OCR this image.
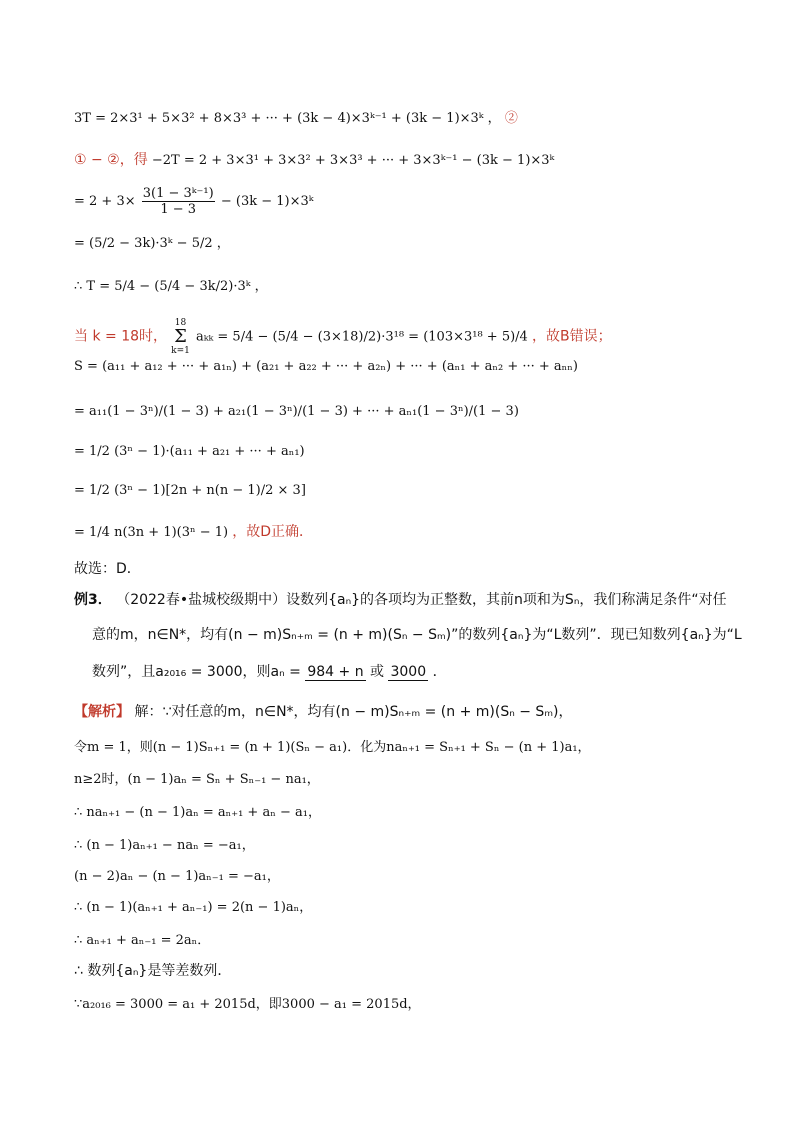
3T = 2×3¹ + 5×3² + 8×3³ + ··· + (3k − 4)×3ᵏ⁻¹ + (3k − 1)×3ᵏ ， ②
① − ②，得 −2T = 2 + 3×3¹ + 3×3² + 3×3³ + ··· + 3×3ᵏ⁻¹ − (3k − 1)×3ᵏ
= $2 + 3\times \frac{\text{3(1 − 3ᵏ⁻¹)}}{1 - 3} - (3k$ − 1)×3ᵏ
= (5/2 − 3k)·3ᵏ − 5/2 ，
∴ T = 5/4 − (5/4 − 3k/2)·3ᵏ ，
当 k = 18时，
18
Σ
k=1
aₖₖ = 5/4 − (5/4 − (3×18)/2)·3¹⁸ = (103×3¹⁸ + 5)/4 ，故B错误；
S = (a₁₁ + a₁₂ + ··· + a₁ₙ) + (a₂₁ + a₂₂ + ··· + a₂ₙ) + ··· + (aₙ₁ + aₙ₂ + ··· + aₙₙ)
= a₁₁(1 − 3ⁿ)/(1 − 3) + a₂₁(1 − 3ⁿ)/(1 − 3) + ··· + aₙ₁(1 − 3ⁿ)/(1 − 3)
= 1/2 (3ⁿ − 1)·(a₁₁ + a₂₁ + ··· + aₙ₁)
= 1/2 (3ⁿ − 1)[2n + n(n − 1)/2 × 3]
= 1/4 n(3n + 1)(3ⁿ − 1) ，故D正确．
故选：D．
例3． （2022春•盐城校级期中）设数列{aₙ}的各项均为正整数，其前n项和为Sₙ，我们称满足条件“对任
意的m，n∈N*，均有(n − m)Sₙ₊ₘ = (n + m)(Sₙ − Sₘ)”的数列{aₙ}为“L数列”．现已知数列{aₙ}为“L
数列”，且a₂₀₁₆ = 3000，则aₙ = 984 + n 或 3000 ．
【解析】 解：∵对任意的m，n∈N*，均有(n − m)Sₙ₊ₘ = (n + m)(Sₙ − Sₘ)，
令m = 1，则(n − 1)Sₙ₊₁ = (n + 1)(Sₙ − a₁)．化为naₙ₊₁ = Sₙ₊₁ + Sₙ − (n + 1)a₁，
n≥2时，(n − 1)aₙ = Sₙ + Sₙ₋₁ − na₁，
∴ naₙ₊₁ − (n − 1)aₙ = aₙ₊₁ + aₙ − a₁，
∴ (n − 1)aₙ₊₁ − naₙ = −a₁，
(n − 2)aₙ − (n − 1)aₙ₋₁ = −a₁，
∴ (n − 1)(aₙ₊₁ + aₙ₋₁) = 2(n − 1)aₙ，
∴ aₙ₊₁ + aₙ₋₁ = 2aₙ．
∴ 数列{aₙ}是等差数列．
∵a₂₀₁₆ = 3000 = a₁ + 2015d，即3000 − a₁ = 2015d，
